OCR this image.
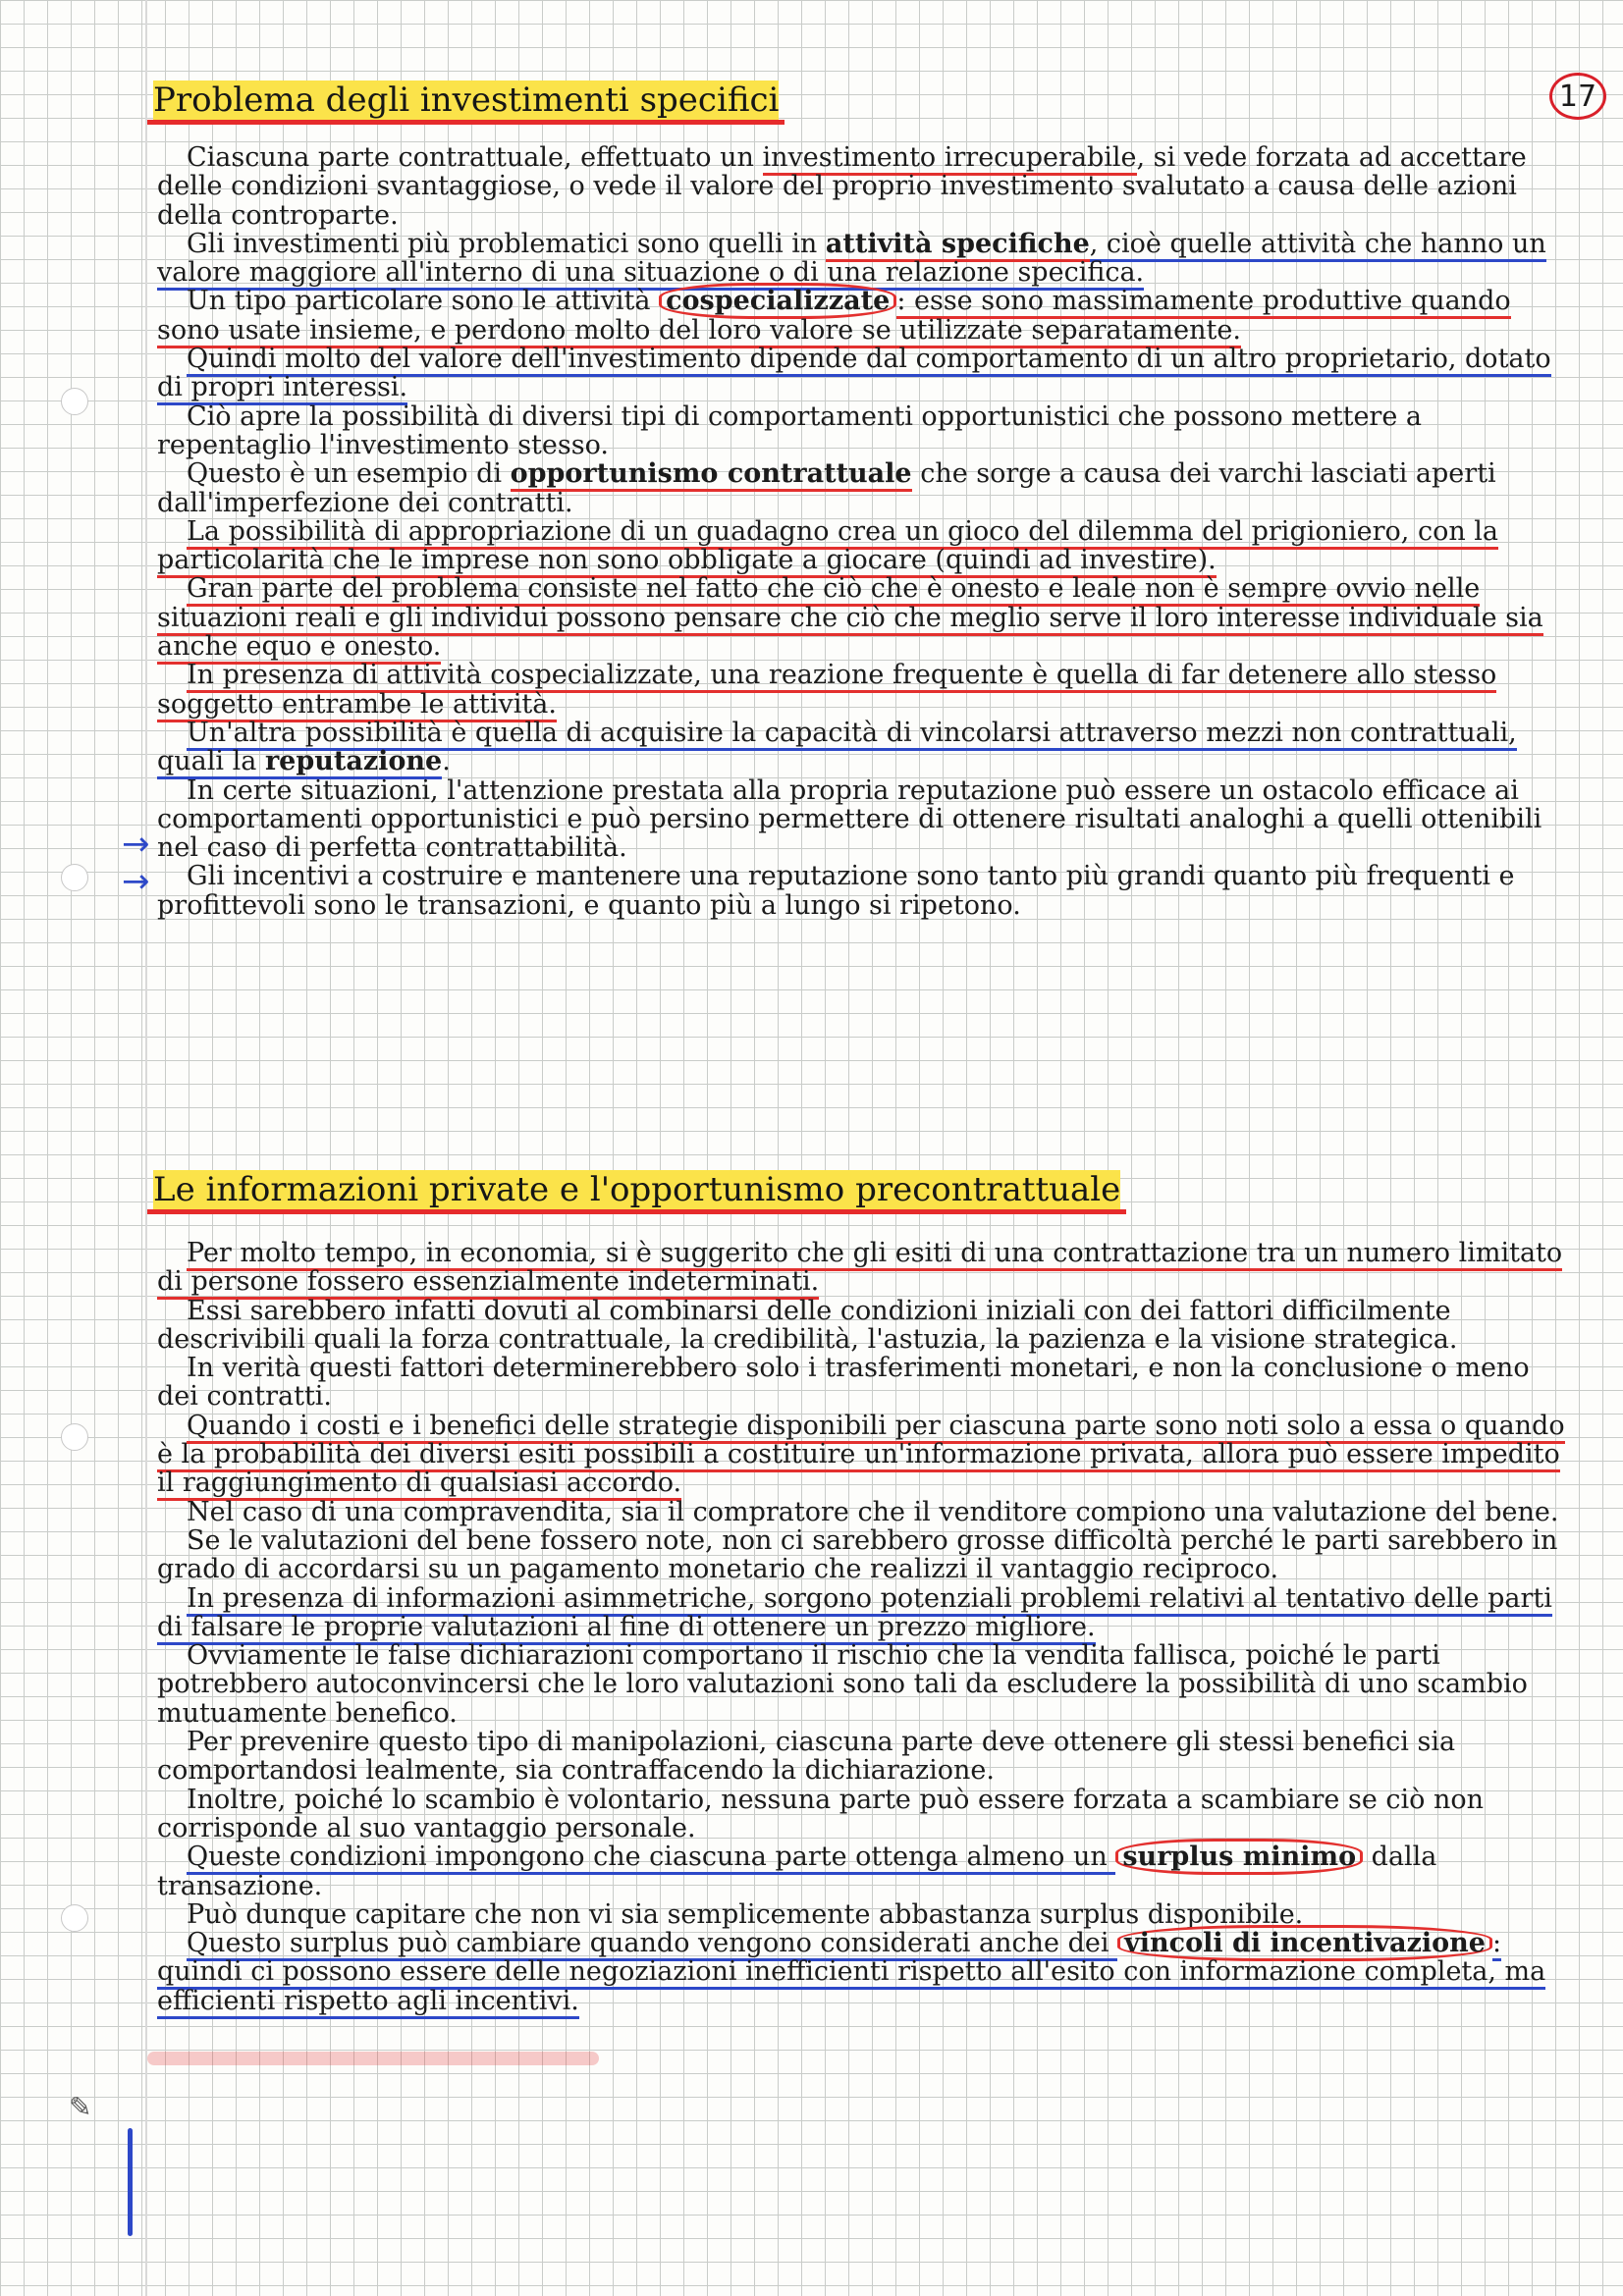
17
Problema degli investimenti specifici
→
→

Ciascuna parte contrattuale, effettuato un investimento irrecuperabile, si vede forzata ad accettare delle condizioni svantaggiose, o vede il valore del proprio investimento svalutato a causa delle azioni della controparte.

Gli investimenti più problematici sono quelli in attività specifiche, cioè quelle attività che hanno un valore maggiore all'interno di una situazione o di una relazione specifica.

Un tipo particolare sono le attività cospecializzate : esse sono massimamente produttive quando sono usate insieme, e perdono molto del loro valore se utilizzate separatamente.

Quindi molto del valore dell'investimento dipende dal comportamento di un altro proprietario, dotato di propri interessi.

Ciò apre la possibilità di diversi tipi di comportamenti opportunistici che possono mettere a repentaglio l'investimento stesso.

Questo è un esempio di opportunismo contrattuale che sorge a causa dei varchi lasciati aperti dall'imperfezione dei contratti.

La possibilità di appropriazione di un guadagno crea un gioco del dilemma del prigioniero, con la particolarità che le imprese non sono obbligate a giocare (quindi ad investire).

Gran parte del problema consiste nel fatto che ciò che è onesto e leale non è sempre ovvio nelle situazioni reali e gli individui possono pensare che ciò che meglio serve il loro interesse individuale sia anche equo e onesto.

In presenza di attività cospecializzate, una reazione frequente è quella di far detenere allo stesso soggetto entrambe le attività.

Un'altra possibilità è quella di acquisire la capacità di vincolarsi attraverso mezzi non contrattuali, quali la reputazione.

In certe situazioni, l'attenzione prestata alla propria reputazione può essere un ostacolo efficace ai comportamenti opportunistici e può persino permettere di ottenere risultati analoghi a quelli ottenibili nel caso di perfetta contrattabilità.

Gli incentivi a costruire e mantenere una reputazione sono tanto più grandi quanto più frequenti e profittevoli sono le transazioni, e quanto più a lungo si ripetono.

Le informazioni private e l'opportunismo precontrattuale
✎

Per molto tempo, in economia, si è suggerito che gli esiti di una contrattazione tra un numero limitato di persone fossero essenzialmente indeterminati.

Essi sarebbero infatti dovuti al combinarsi delle condizioni iniziali con dei fattori difficilmente descrivibili quali la forza contrattuale, la credibilità, l'astuzia, la pazienza e la visione strategica.

In verità questi fattori determinerebbero solo i trasferimenti monetari, e non la conclusione o meno dei contratti.

Quando i costi e i benefici delle strategie disponibili per ciascuna parte sono noti solo a essa o quando è la probabilità dei diversi esiti possibili a costituire un'informazione privata, allora può essere impedito il raggiungimento di qualsiasi accordo.

Nel caso di una compravendita, sia il compratore che il venditore compiono una valutazione del bene.

Se le valutazioni del bene fossero note, non ci sarebbero grosse difficoltà perché le parti sarebbero in grado di accordarsi su un pagamento monetario che realizzi il vantaggio reciproco.

In presenza di informazioni asimmetriche, sorgono potenziali problemi relativi al tentativo delle parti di falsare le proprie valutazioni al fine di ottenere un prezzo migliore.

Ovviamente le false dichiarazioni comportano il rischio che la vendita fallisca, poiché le parti potrebbero autoconvincersi che le loro valutazioni sono tali da escludere la possibilità di uno scambio mutuamente benefico.

Per prevenire questo tipo di manipolazioni, ciascuna parte deve ottenere gli stessi benefici sia comportandosi lealmente, sia contraffacendo la dichiarazione.

Inoltre, poiché lo scambio è volontario, nessuna parte può essere forzata a scambiare se ciò non corrisponde al suo vantaggio personale.

Queste condizioni impongono che ciascuna parte ottenga almeno un surplus minimo dalla transazione.

Può dunque capitare che non vi sia semplicemente abbastanza surplus disponibile.

Questo surplus può cambiare quando vengono considerati anche dei vincoli di incentivazione : quindi ci possono essere delle negoziazioni inefficienti rispetto all'esito con informazione completa, ma efficienti rispetto agli incentivi.
